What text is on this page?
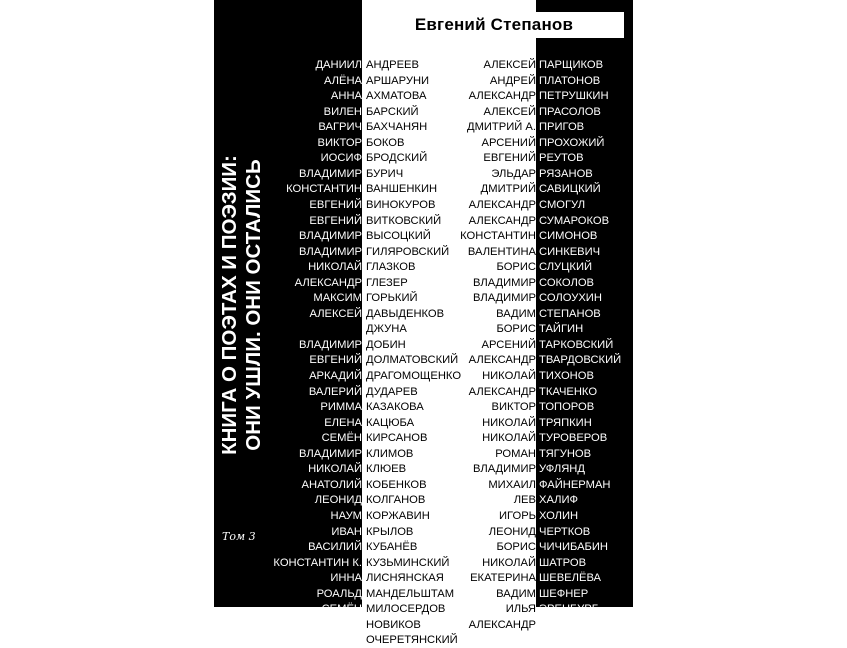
Евгений Степанов
КНИГА О ПОЭТАХ И ПОЭЗИИ: ОНИ УШЛИ. ОНИ ОСТАЛИСЬ
Том 3
ДАНИИЛ АНДРЕЕВ
АЛЁНА АРШАРУНИ
АННА АХМАТОВА
ВИЛЕН БАРСКИЙ
ВАГРИЧ БАХЧАНЯН
ВИКТОР БОКОВ
ИОСИФ БРОДСКИЙ
ВЛАДИМИР БУРИЧ
КОНСТАНТИН ВАНШЕНКИН
ЕВГЕНИЙ ВИНОКУРОВ
ЕВГЕНИЙ ВИТКОВСКИЙ
ВЛАДИМИР ВЫСОЦКИЙ
ВЛАДИМИР ГИЛЯРОВСКИЙ
НИКОЛАЙ ГЛАЗКОВ
АЛЕКСАНДР ГЛЕЗЕР
МАКСИМ ГОРЬКИЙ
АЛЕКСЕЙ ДАВЫДЕНКОВ
ДЖУНА
ВЛАДИМИР ДОБИН
ЕВГЕНИЙ ДОЛМАТОВСКИЙ
АРКАДИЙ ДРАГОМОЩЕНКО
ВАЛЕРИЙ ДУДАРЕВ
РИММА КАЗАКОВА
ЕЛЕНА КАЦЮБА
СЕМЁН КИРСАНОВ
ВЛАДИМИР КЛИМОВ
НИКОЛАЙ КЛЮЕВ
АНАТОЛИЙ КОБЕНКОВ
ЛЕОНИД КОЛГАНОВ
НАУМ КОРЖАВИН
ИВАН КРЫЛОВ
ВАСИЛИЙ КУБАНЁВ
КОНСТАНТИН К. КУЗЬМИНСКИЙ
ИННА ЛИСНЯНСКАЯ
РОАЛЬД МАНДЕЛЬШТАМ
СЕМЁН МИЛОСЕРДОВ
АНДРЕЙ НОВИКОВ
АЛЕКСАНДР ОЧЕРЕТЯНСКИЙ
АЛЕКСЕЙ ПАРЩИКОВ
АНДРЕЙ ПЛАТОНОВ
АЛЕКСАНДР ПЕТРУШКИН
АЛЕКСЕЙ ПРАСОЛОВ
ДМИТРИЙ А. ПРИГОВ
АРСЕНИЙ ПРОХОЖИЙ
ЕВГЕНИЙ РЕУТОВ
ЭЛЬДАР РЯЗАНОВ
ДМИТРИЙ САВИЦКИЙ
АЛЕКСАНДР СМОГУЛ
АЛЕКСАНДР СУМАРОКОВ
КОНСТАНТИН СИМОНОВ
ВАЛЕНТИНА СИНКЕВИЧ
БОРИС СЛУЦКИЙ
ВЛАДИМИР СОКОЛОВ
ВЛАДИМИР СОЛОУХИН
ВАДИМ СТЕПАНОВ
БОРИС ТАЙГИН
АРСЕНИЙ ТАРКОВСКИЙ
АЛЕКСАНДР ТВАРДОВСКИЙ
НИКОЛАЙ ТИХОНОВ
АЛЕКСАНДР ТКАЧЕНКО
ВИКТОР ТОПОРОВ
НИКОЛАЙ ТРЯПКИН
НИКОЛАЙ ТУРОВЕРОВ
РОМАН ТЯГУНОВ
ВЛАДИМИР УФЛЯНД
МИХАИЛ ФАЙНЕРМАН
ЛЕВ ХАЛИФ
ИГОРЬ ХОЛИН
ЛЕОНИД ЧЕРТКОВ
БОРИС ЧИЧИБАБИН
НИКОЛАЙ ШАТРОВ
ЕКАТЕРИНА ШЕВЕЛЁВА
ВАДИМ ШЕФНЕР
ИЛЬЯ ЭРЕНБУРГ
АЛЕКСАНДР ЮДАХИН
